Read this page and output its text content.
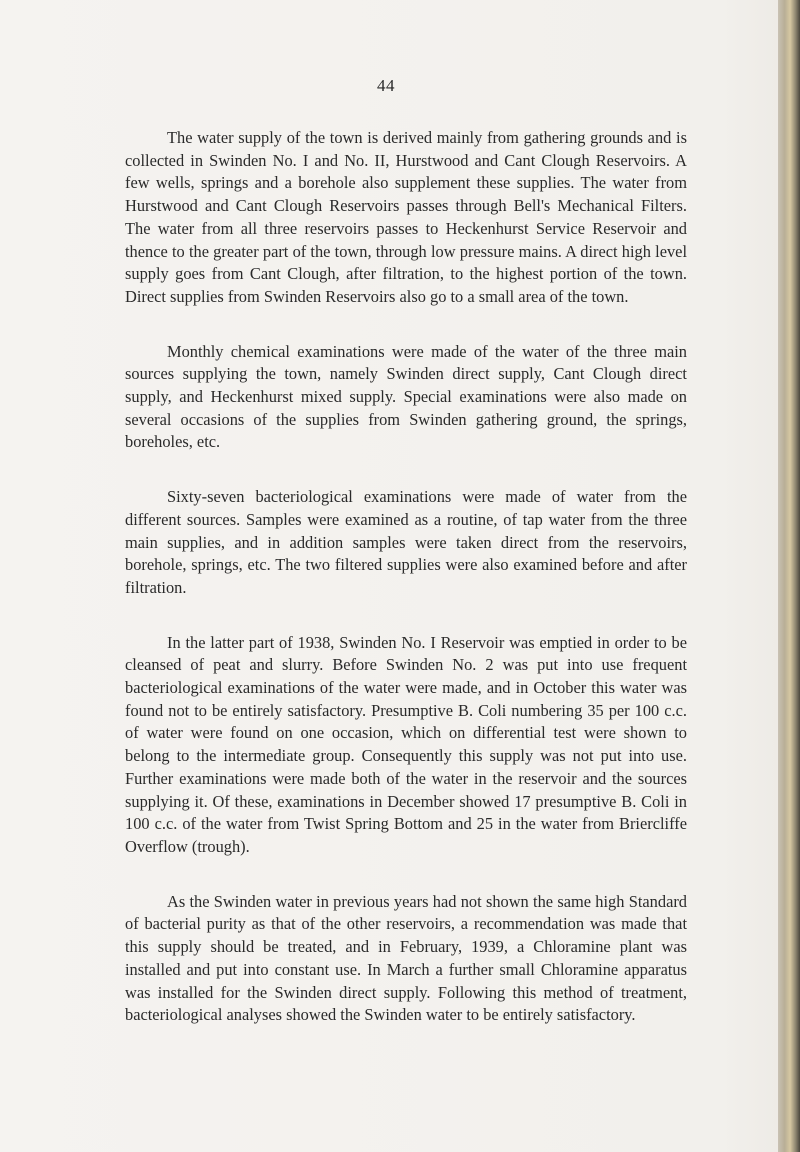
44

The water supply of the town is derived mainly from gathering grounds and is collected in Swinden No. I and No. II, Hurstwood and Cant Clough Reservoirs. A few wells, springs and a borehole also supplement these supplies. The water from Hurstwood and Cant Clough Reservoirs passes through Bell's Mechanical Filters. The water from all three reservoirs passes to Heckenhurst Service Reservoir and thence to the greater part of the town, through low pressure mains. A direct high level supply goes from Cant Clough, after filtration, to the highest portion of the town. Direct supplies from Swinden Reservoirs also go to a small area of the town.

Monthly chemical examinations were made of the water of the three main sources supplying the town, namely Swinden direct supply, Cant Clough direct supply, and Heckenhurst mixed supply. Special examinations were also made on several occasions of the supplies from Swinden gathering ground, the springs, boreholes, etc.

Sixty-seven bacteriological examinations were made of water from the different sources. Samples were examined as a routine, of tap water from the three main supplies, and in addition samples were taken direct from the reservoirs, borehole, springs, etc. The two filtered supplies were also examined before and after filtration.

In the latter part of 1938, Swinden No. I Reservoir was emptied in order to be cleansed of peat and slurry. Before Swinden No. 2 was put into use frequent bacteriological examinations of the water were made, and in October this water was found not to be entirely satisfactory. Presumptive B. Coli numbering 35 per 100 c.c. of water were found on one occasion, which on differential test were shown to belong to the intermediate group. Consequently this supply was not put into use. Further examinations were made both of the water in the reservoir and the sources supplying it. Of these, examinations in December showed 17 presumptive B. Coli in 100 c.c. of the water from Twist Spring Bottom and 25 in the water from Briercliffe Overflow (trough).

As the Swinden water in previous years had not shown the same high Standard of bacterial purity as that of the other reservoirs, a recommendation was made that this supply should be treated, and in February, 1939, a Chloramine plant was installed and put into constant use. In March a further small Chloramine apparatus was installed for the Swinden direct supply. Following this method of treatment, bacteriological analyses showed the Swinden water to be entirely satisfactory.
